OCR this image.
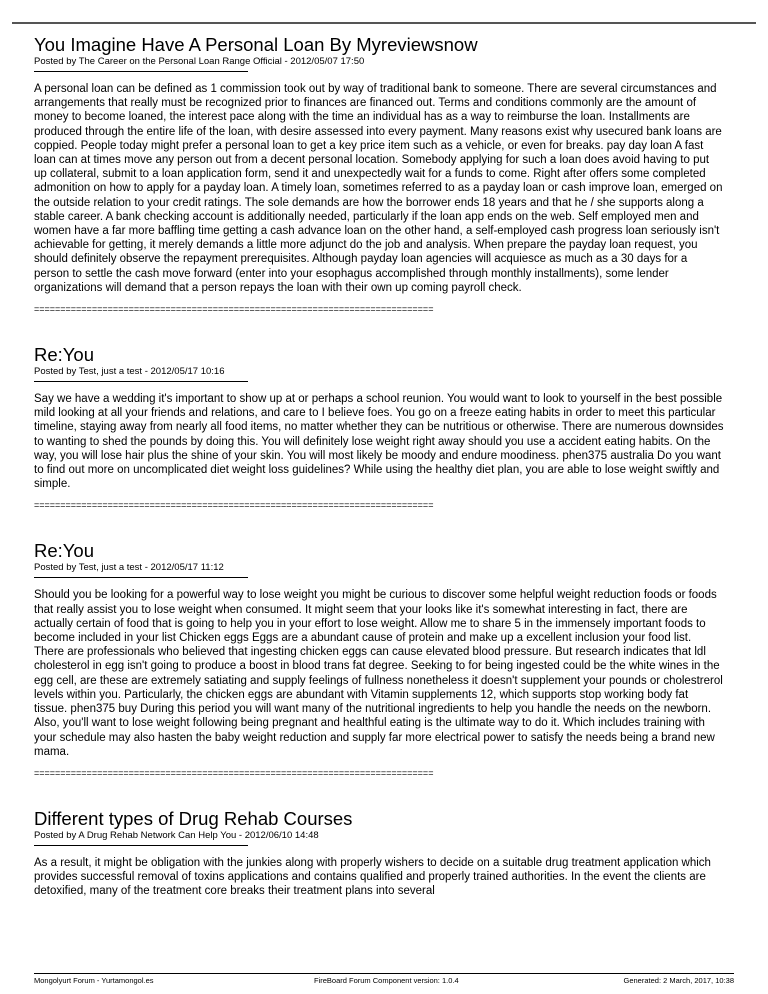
You Imagine Have A Personal Loan By Myreviewsnow
Posted by The Career on the Personal Loan Range Official - 2012/05/07 17:50
A personal loan can be defined as 1 commission took out by way of traditional bank to someone. There are several circumstances and arrangements that really must be recognized prior to finances are financed out. Terms and conditions commonly are the amount of money to become loaned, the interest pace along with the time an individual has as a way to reimburse the loan. Installments are produced through the entire life of the loan, with desire assessed into every payment. Many reasons exist why usecured bank loans are coppied. People today might prefer a personal loan to get a key price item such as a vehicle, or even for breaks. pay day loan A fast loan can at times move any person out from a decent personal location. Somebody applying for such a loan does avoid having to put up collateral, submit to a loan application form, send it and unexpectedly wait for a funds to come. Right after offers some completed admonition on how to apply for a payday loan. A timely loan, sometimes referred to as a payday loan or cash improve loan, emerged on the outside relation to your credit ratings. The sole demands are how the borrower ends 18 years and that he / she supports along a stable career. A bank checking account is additionally needed, particularly if the loan app ends on the web. Self employed men and women have a far more baffling time getting a cash advance loan on the other hand, a self-employed cash progress loan seriously isn't achievable for getting, it merely demands a little more adjunct do the job and analysis. When prepare the payday loan request, you should definitely observe the repayment prerequisites. Although payday loan agencies will acquiesce as much as a 30 days for a person to settle the cash move forward (enter into your esophagus accomplished through monthly installments), some lender organizations will demand that a person repays the loan with their own up coming payroll check.
============================================================================
Re:You
Posted by Test, just a test - 2012/05/17 10:16
Say we have a wedding it's important to show up at or perhaps a school reunion. You would want to look to yourself in the best possible mild looking at all your friends and relations, and care to I believe foes. You go on a freeze eating habits in order to meet this particular timeline, staying away from nearly all food items, no matter whether they can be nutritious or otherwise. There are numerous downsides to wanting to shed the pounds by doing this. You will definitely lose weight right away should you use a accident eating habits. On the way, you will lose hair plus the shine of your skin. You will most likely be moody and endure moodiness. phen375 australia Do you want to find out more on uncomplicated diet weight loss guidelines? While using the healthy diet plan, you are able to lose weight swiftly and simple.
============================================================================
Re:You
Posted by Test, just a test - 2012/05/17 11:12
Should you be looking for a powerful way to lose weight you might be curious to discover some helpful weight reduction foods or foods that really assist you to lose weight when consumed. It might seem that your looks like it's somewhat interesting in fact, there are actually certain of food that is going to help you in your effort to lose weight. Allow me to share 5 in the immensely important foods to become included in your list Chicken eggs Eggs are a abundant cause of protein and make up a excellent inclusion your food list. There are professionals who believed that ingesting chicken eggs can cause elevated blood pressure. But research indicates that ldl cholesterol in egg isn't going to produce a boost in blood trans fat degree. Seeking to for being ingested could be the white wines in the egg cell, are these are extremely satiating and supply feelings of fullness nonetheless it doesn't supplement your pounds or cholestrerol levels within you. Particularly, the chicken eggs are abundant with Vitamin supplements 12, which supports stop working body fat tissue. phen375 buy During this period you will want many of the nutritional ingredients to help you handle the needs on the newborn. Also, you'll want to lose weight following being pregnant and healthful eating is the ultimate way to do it. Which includes training with your schedule may also hasten the baby weight reduction and supply far more electrical power to satisfy the needs being a brand new mama.
============================================================================
Different types of Drug Rehab Courses
Posted by A Drug Rehab Network Can Help You - 2012/06/10 14:48
As a result, it might be obligation with the junkies along with properly wishers to decide on a suitable drug treatment application which provides successful removal of toxins applications and contains qualified and properly trained authorities. In the event the clients are detoxified, many of the treatment core breaks their treatment plans into several
Mongolyurt Forum - Yurtamongol.es	FireBoard Forum Component version: 1.0.4	Generated: 2 March, 2017, 10:38
